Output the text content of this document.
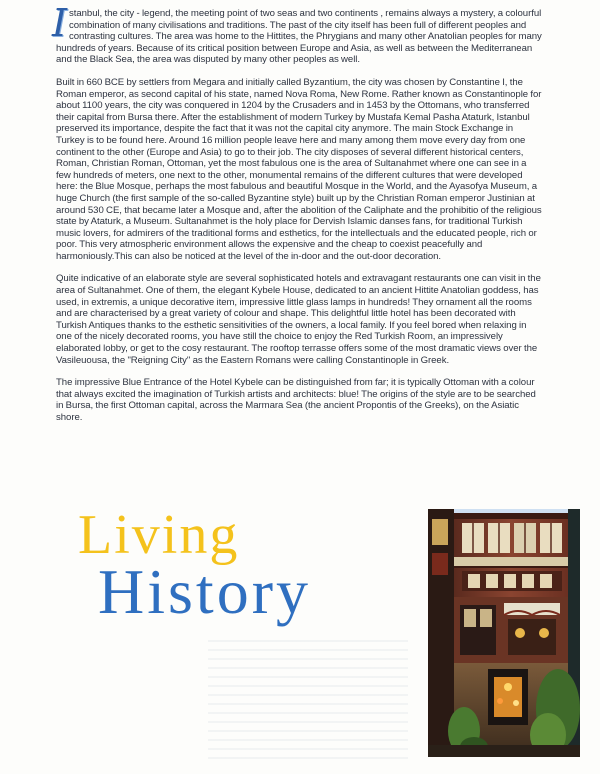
Istanbul, the city - legend, the meeting point of two seas and two continents , remains always a mystery, a colourful combination of many civilisations and traditions. The past of the city itself has been full of different peoples and contrasting cultures. The area was home to the Hittites, the Phrygians and many other Anatolian peoples for many hundreds of years. Because of its critical position between Europe and Asia, as well as between the Mediterranean and the Black Sea, the area was disputed by many other peoples as well.

Built in 660 BCE by settlers from Megara and initially called Byzantium, the city was chosen by Constantine I, the Roman emperor, as second capital of his state, named Nova Roma, New Rome. Rather known as Constantinople for about 1100 years, the city was conquered in 1204 by the Crusaders and in 1453 by the Ottomans, who transferred their capital from Bursa there. After the establishment of modern Turkey by Mustafa Kemal Pasha Ataturk, Istanbul preserved its importance, despite the fact that it was not the capital city anymore. The main Stock Exchange in Turkey is to be found here. Around 16 million people leave here and many among them move every day from one continent to the other (Europe and Asia) to go to their job. The city disposes of several different historical centers, Roman, Christian Roman, Ottoman, yet the most fabulous one is the area of Sultanahmet where one can see in a few hundreds of meters, one next to the other, monumental remains of the different cultures that were developed here: the Blue Mosque, perhaps the most fabulous and beautiful Mosque in the World, and the Ayasofya Museum, a huge Church (the first sample of the so-called Byzantine style) built up by the Christian Roman emperor Justinian at around 530 CE, that became later a Mosque and, after the abolition of the Caliphate and the prohibitio of the religious state by Ataturk, a Museum. Sultanahmet is the holy place for Dervish Islamic danses fans, for traditional Turkish music lovers, for admirers of the traditional forms and esthetics, for the intellectuals and the educated people, rich or poor. This very atmospheric environment allows the expensive and the cheap to coexist peacefully and harmoniously.This can also be noticed at the level of the in-door and the out-door decoration.

Quite indicative of an elaborate style are several sophisticated hotels and extravagant restaurants one can visit in the area of Sultanahmet. One of them, the elegant Kybele House, dedicated to an ancient Hittite Anatolian goddess, has used, in extremis, a unique decorative item, impressive little glass lamps in hundreds! They ornament all the rooms and are characterised by a great variety of colour and shape. This delightful little hotel has been decorated with Turkish Antiques thanks to the esthetic sensitivities of the owners, a local family. If you feel bored when relaxing in one of the nicely decorated rooms, you have still the choice to enjoy the Red Turkish Room, an impressively elaborated lobby, or get to the cosy restaurant. The rooftop terrasse offers some of the most dramatic views over the Vasileuousa, the "Reigning City" as the Eastern Romans were calling Constantinople in Greek.

The impressive Blue Entrance of the Hotel Kybele can be distinguished from far; it is typically Ottoman with a colour that always excited the imagination of Turkish artists and architects: blue! The origins of the style are to be searched in Bursa, the first Ottoman capital, across the Marmara Sea (the ancient Propontis of the Greeks), on the Asiatic shore.

Living
History
